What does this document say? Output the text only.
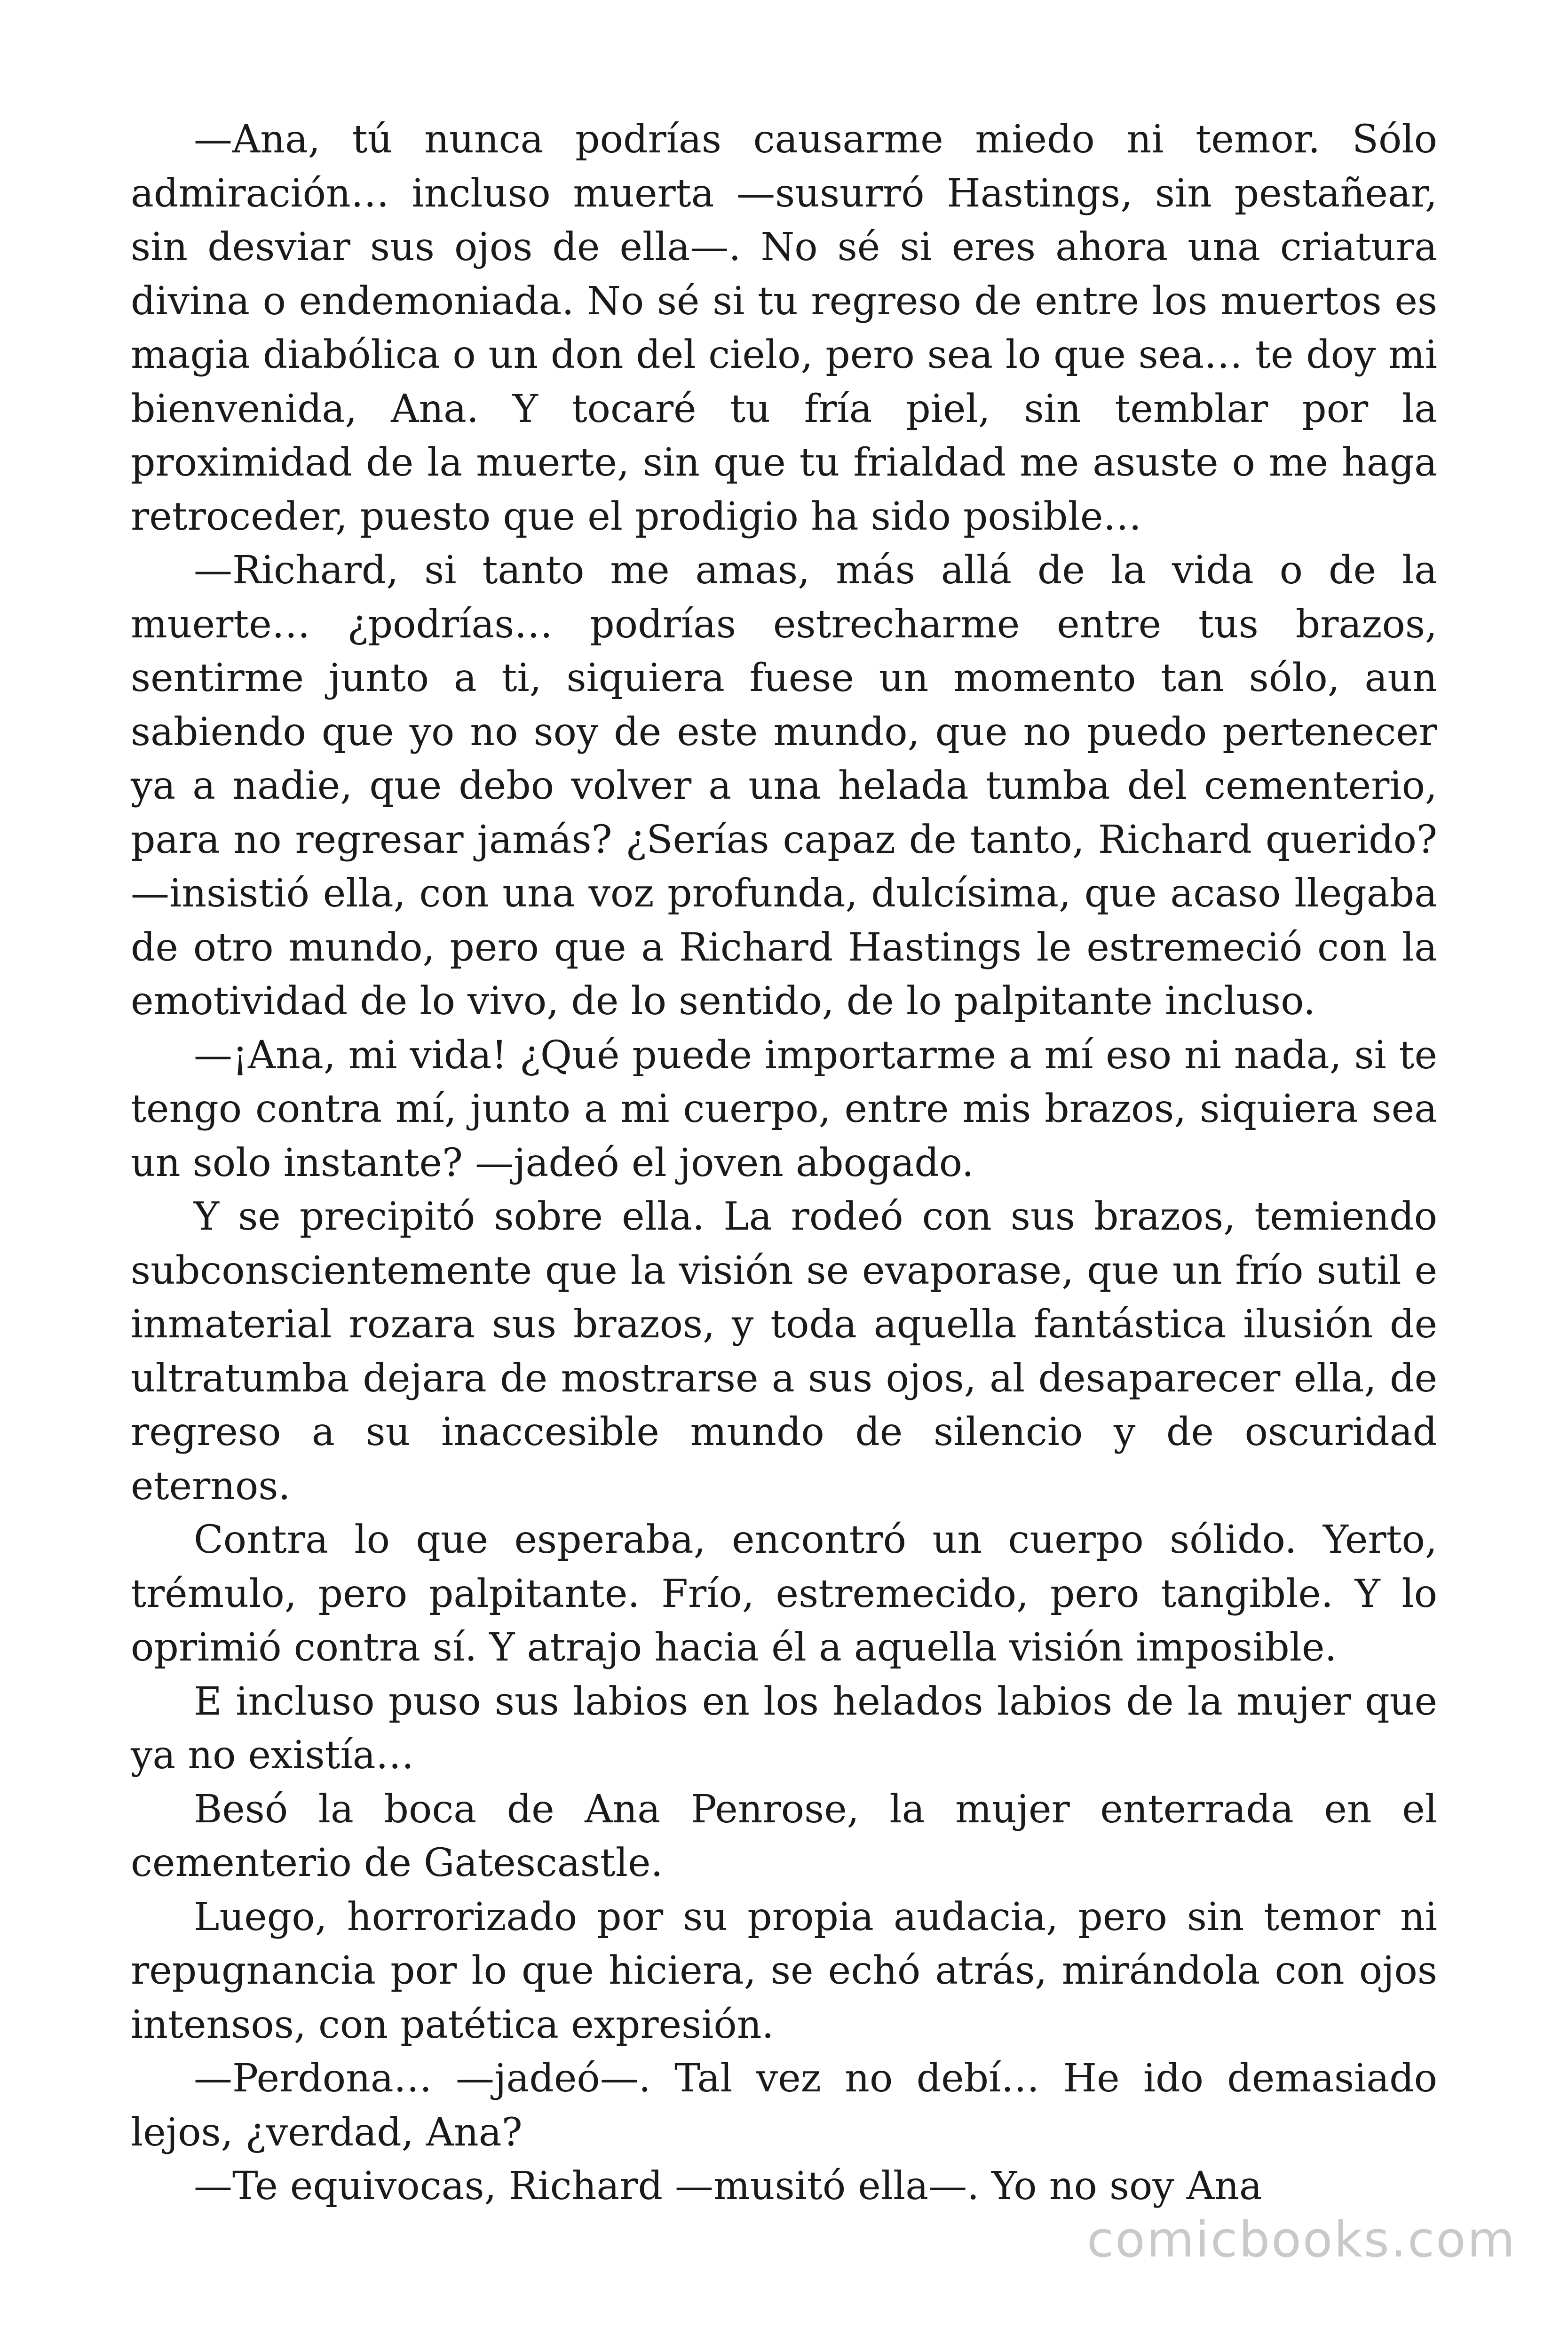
—Ana, tú nunca podrías causarme miedo ni temor. Sólo admiración… incluso muerta —susurró Hastings, sin pestañear, sin desviar sus ojos de ella—. No sé si eres ahora una criatura divina o endemoniada. No sé si tu regreso de entre los muertos es magia diabólica o un don del cielo, pero sea lo que sea… te doy mi bienvenida, Ana. Y tocaré tu fría piel, sin temblar por la proximidad de la muerte, sin que tu frialdad me asuste o me haga retroceder, puesto que el prodigio ha sido posible…

—Richard, si tanto me amas, más allá de la vida o de la muerte… ¿podrías… podrías estrecharme entre tus brazos, sentirme junto a ti, siquiera fuese un momento tan sólo, aun sabiendo que yo no soy de este mundo, que no puedo pertenecer ya a nadie, que debo volver a una helada tumba del cementerio, para no regresar jamás? ¿Serías capaz de tanto, Richard querido? —insistió ella, con una voz profunda, dulcísima, que acaso llegaba de otro mundo, pero que a Richard Hastings le estremeció con la emotividad de lo vivo, de lo sentido, de lo palpitante incluso.

—¡Ana, mi vida! ¿Qué puede importarme a mí eso ni nada, si te tengo contra mí, junto a mi cuerpo, entre mis brazos, siquiera sea un solo instante? —jadeó el joven abogado.

Y se precipitó sobre ella. La rodeó con sus brazos, temiendo subconscientemente que la visión se evaporase, que un frío sutil e inmaterial rozara sus brazos, y toda aquella fantástica ilusión de ultratumba dejara de mostrarse a sus ojos, al desaparecer ella, de regreso a su inaccesible mundo de silencio y de oscuridad eternos.

Contra lo que esperaba, encontró un cuerpo sólido. Yerto, trémulo, pero palpitante. Frío, estremecido, pero tangible. Y lo oprimió contra sí. Y atrajo hacia él a aquella visión imposible.

E incluso puso sus labios en los helados labios de la mujer que ya no existía…

Besó la boca de Ana Penrose, la mujer enterrada en el cementerio de Gatescastle.

Luego, horrorizado por su propia audacia, pero sin temor ni repugnancia por lo que hiciera, se echó atrás, mirándola con ojos intensos, con patética expresión.

—Perdona… —jadeó—. Tal vez no debí… He ido demasiado lejos, ¿verdad, Ana?

—Te equivocas, Richard —musitó ella—. Yo no soy Ana

comicbooks.com
